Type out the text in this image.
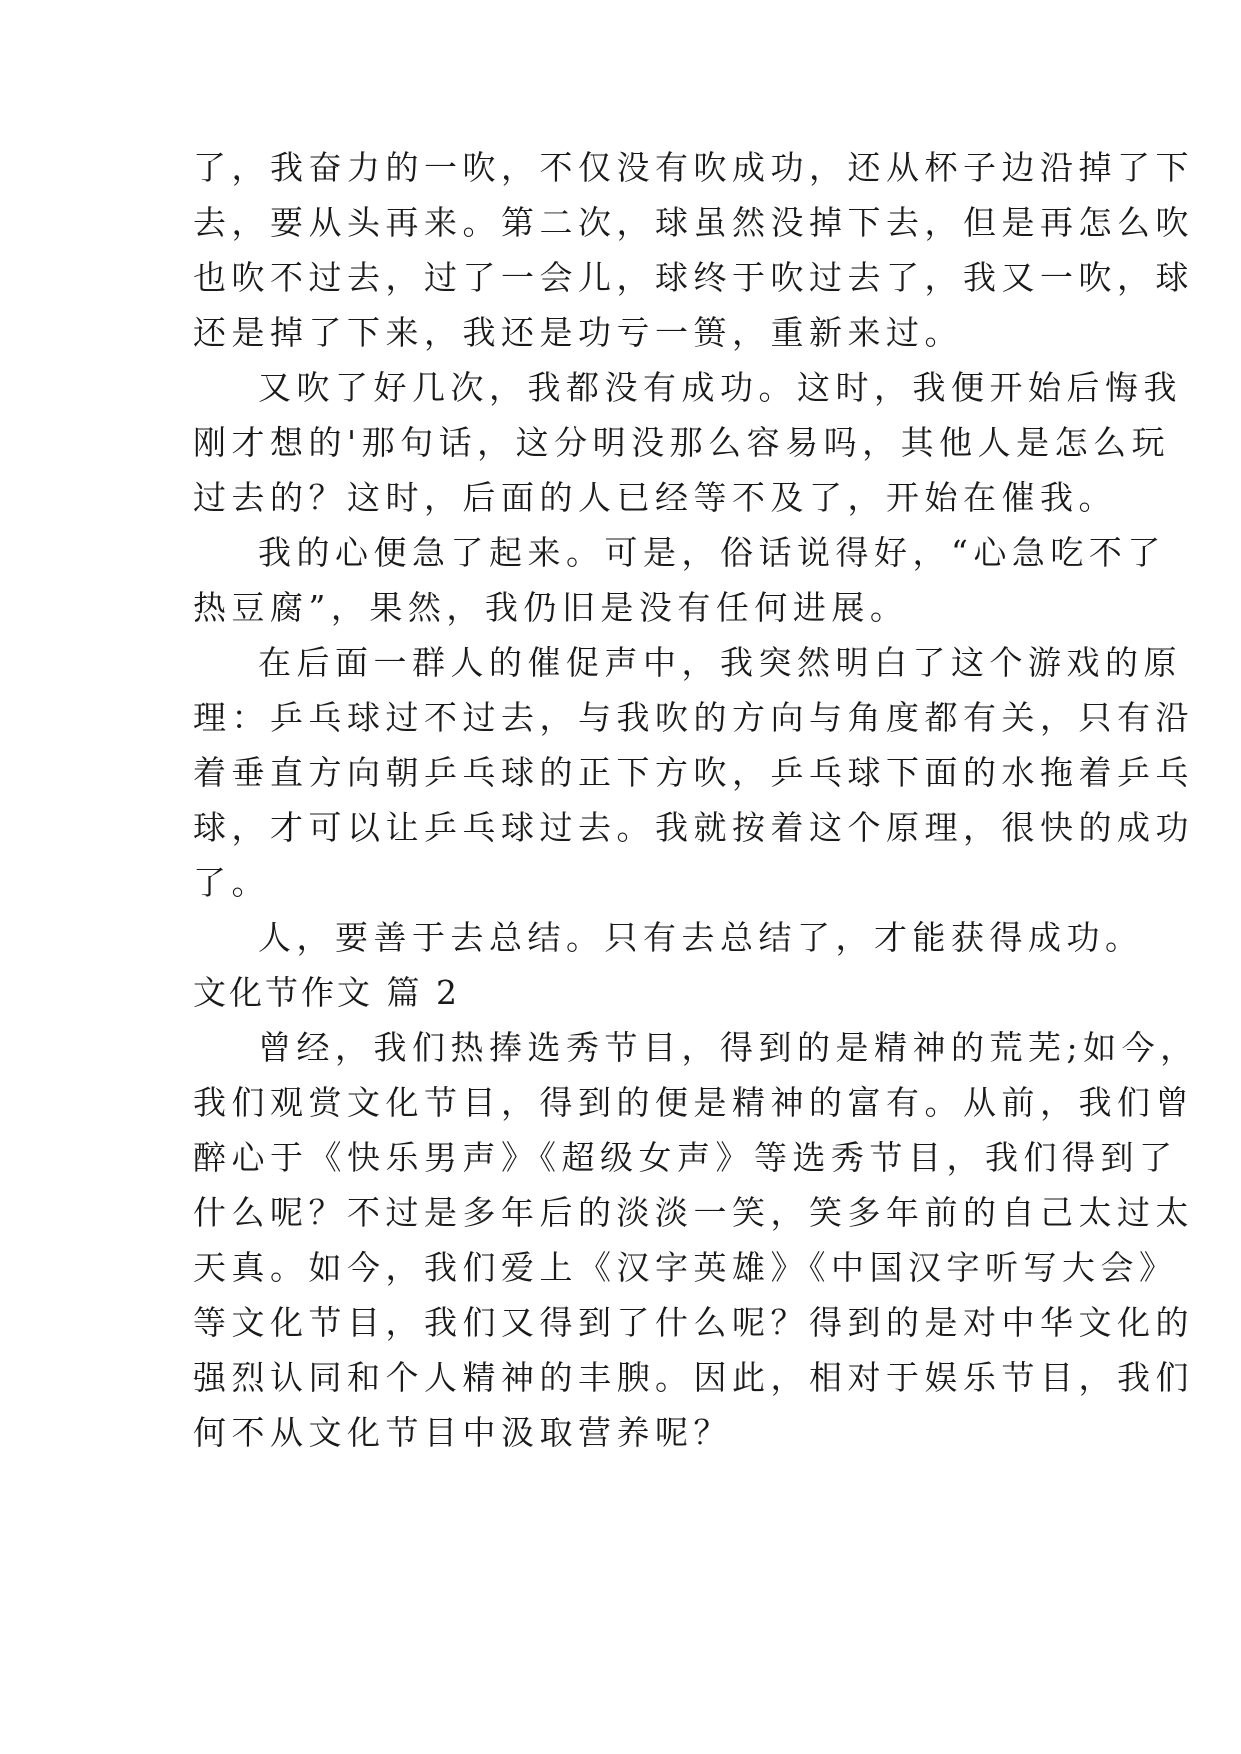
了，我奋力的一吹，不仅没有吹成功，还从杯子边沿掉了下

去，要从头再来。第二次，球虽然没掉下去，但是再怎么吹

也吹不过去，过了一会儿，球终于吹过去了，我又一吹，球

还是掉了下来，我还是功亏一篑，重新来过。

又吹了好几次，我都没有成功。这时，我便开始后悔我

刚才想的'那句话，这分明没那么容易吗，其他人是怎么玩

过去的？这时，后面的人已经等不及了，开始在催我。

我的心便急了起来。可是，俗话说得好，“心急吃不了

热豆腐”，果然，我仍旧是没有任何进展。

在后面一群人的催促声中，我突然明白了这个游戏的原

理：乒乓球过不过去，与我吹的方向与角度都有关，只有沿

着垂直方向朝乒乓球的正下方吹，乒乓球下面的水拖着乒乓

球，才可以让乒乓球过去。我就按着这个原理，很快的成功

了。

人，要善于去总结。只有去总结了，才能获得成功。

文化节作文 篇 2

曾经，我们热捧选秀节目，得到的是精神的荒芜;如今，

我们观赏文化节目，得到的便是精神的富有。从前，我们曾

醉心于《快乐男声》《超级女声》等选秀节目，我们得到了

什么呢？不过是多年后的淡淡一笑，笑多年前的自己太过太

天真。如今，我们爱上《汉字英雄》《中国汉字听写大会》

等文化节目，我们又得到了什么呢？得到的是对中华文化的

强烈认同和个人精神的丰腴。因此，相对于娱乐节目，我们

何不从文化节目中汲取营养呢？
